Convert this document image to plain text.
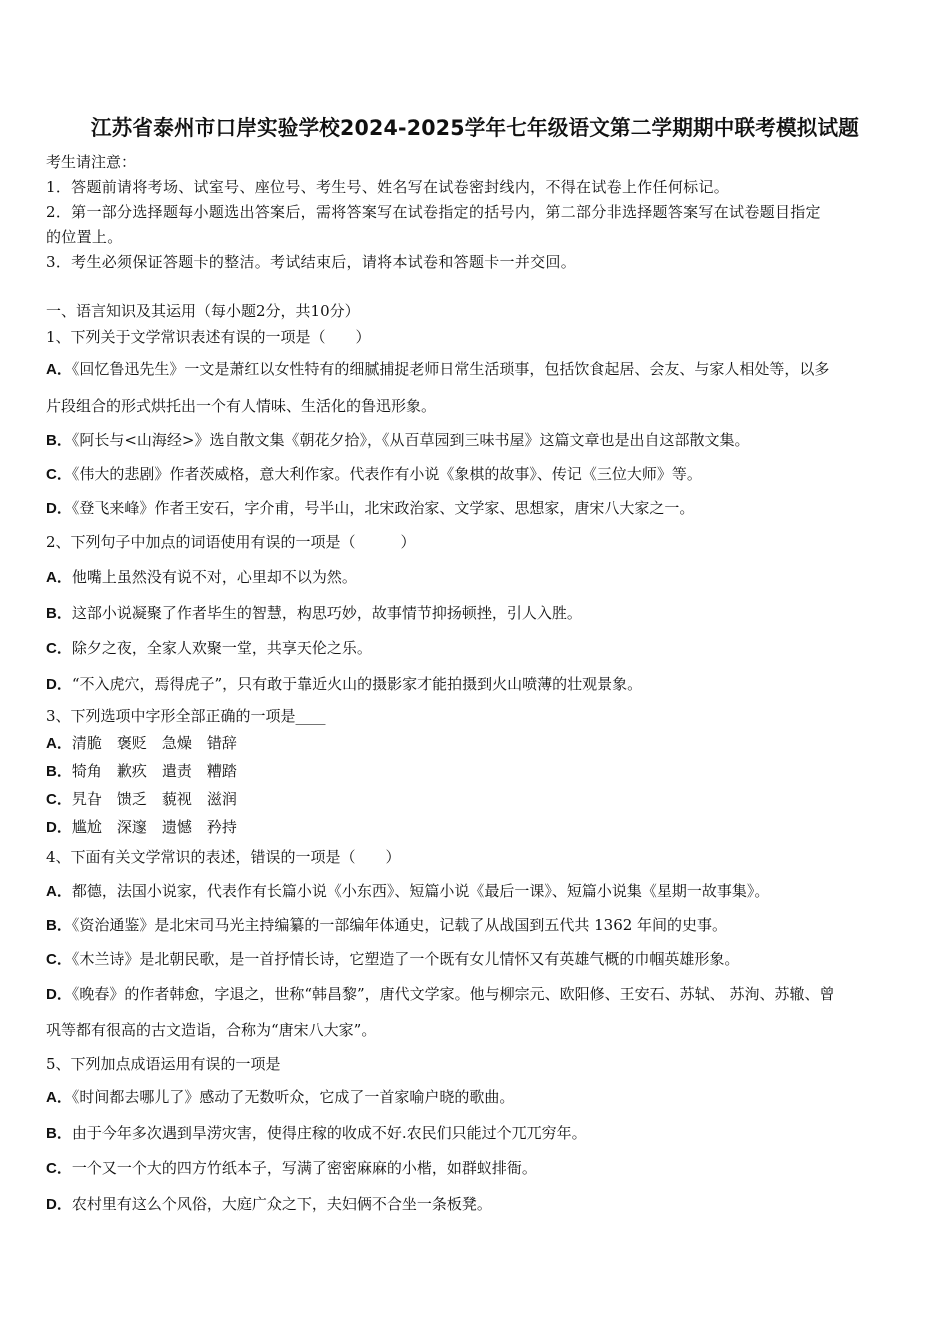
江苏省泰州市口岸实验学校2024-2025学年七年级语文第二学期期中联考模拟试题

考生请注意：

1．答题前请将考场、试室号、座位号、考生号、姓名写在试卷密封线内，不得在试卷上作任何标记。

2．第一部分选择题每小题选出答案后，需将答案写在试卷指定的括号内，第二部分非选择题答案写在试卷题目指定

的位置上。

3．考生必须保证答题卡的整洁。考试结束后，请将本试卷和答题卡一并交回。

一、语言知识及其运用（每小题2分，共10分）

1、下列关于文学常识表述有误的一项是（　　）

A．《回忆鲁迅先生》一文是萧红以女性特有的细腻捕捉老师日常生活琐事，包括饮食起居、会友、与家人相处等，以多

片段组合的形式烘托出一个有人情味、生活化的鲁迅形象。

B．《阿长与<山海经>》选自散文集《朝花夕拾》，《从百草园到三味书屋》这篇文章也是出自这部散文集。

C．《伟大的悲剧》作者茨威格，意大利作家。代表作有小说《象棋的故事》、传记《三位大师》等。

D．《登飞来峰》作者王安石，字介甫，号半山，北宋政治家、文学家、思想家，唐宋八大家之一。

2、下列句子中加点的词语使用有误的一项是（　　　）

A．他嘴上虽然没有说不对，心里却不以为然。

B．这部小说凝聚了作者毕生的智慧，构思巧妙，故事情节抑扬顿挫，引人入胜。

C．除夕之夜，全家人欢聚一堂，共享天伦之乐。

D．“不入虎穴，焉得虎子”，只有敢于靠近火山的摄影家才能拍摄到火山喷薄的壮观景象。

3、下列选项中字形全部正确的一项是____

A．清脆　褒贬　急燥　错辞

B．犄角　歉疚　遣责　糟踏

C．旯旮　馈乏　藐视　滋润

D．尴尬　深邃　遗憾　矜持

4、下面有关文学常识的表述，错误的一项是（　　）

A．都德，法国小说家，代表作有长篇小说《小东西》、短篇小说《最后一课》、短篇小说集《星期一故事集》。

B．《资治通鉴》是北宋司马光主持编纂的一部编年体通史，记载了从战国到五代共 1362 年间的史事。

C．《木兰诗》是北朝民歌，是一首抒情长诗，它塑造了一个既有女儿情怀又有英雄气概的巾帼英雄形象。

D．《晚春》的作者韩愈，字退之，世称“韩昌黎”，唐代文学家。他与柳宗元、欧阳修、王安石、苏轼、 苏洵、苏辙、曾

巩等都有很高的古文造诣，合称为“唐宋八大家”。

5、下列加点成语运用有误的一项是

A．《时间都去哪儿了》感动了无数听众，它成了一首家喻户晓的歌曲。

B．由于今年多次遇到旱涝灾害，使得庄稼的收成不好.农民们只能过个兀兀穷年。

C．一个又一个大的四方竹纸本子，写满了密密麻麻的小楷，如群蚁排衙。

D．农村里有这么个风俗，大庭广众之下，夫妇俩不合坐一条板凳。
